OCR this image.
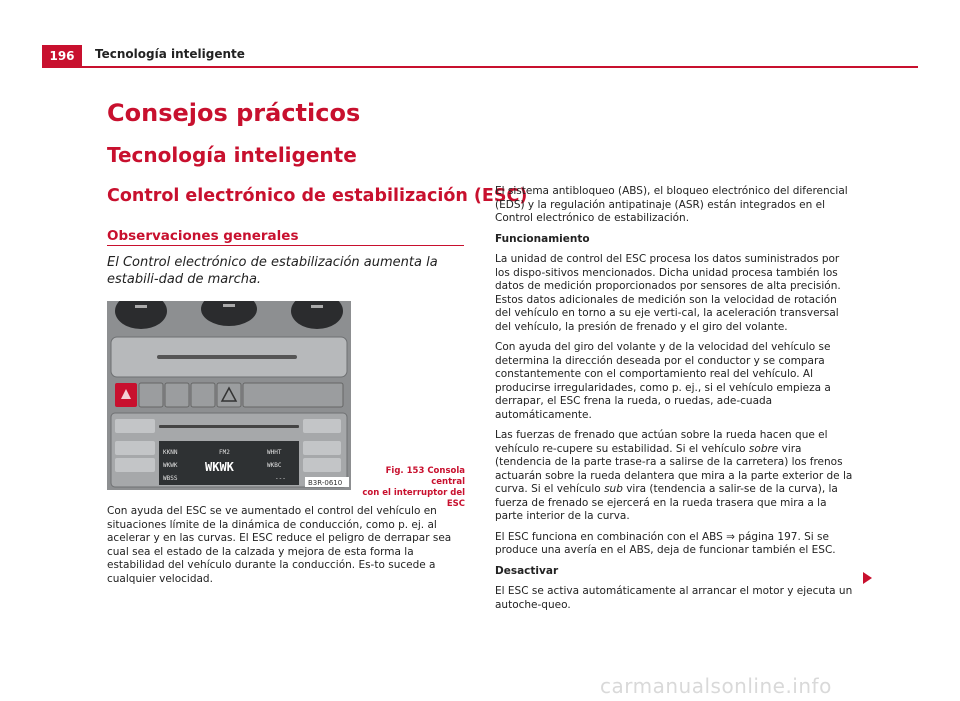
196	Tecnología inteligente
Consejos prácticos
Tecnología inteligente
Control electrónico de estabilización (ESC)
Observaciones generales
El Control electrónico de estabilización aumenta la estabili-dad de marcha.
KKNN
WKWK
WBSS
FM2
WKWK
WHHT
WKBC
---
B3R-0610
Fig. 153 Consola central
con el interruptor del ESC

Con ayuda del ESC se ve aumentado el control del vehículo en situaciones límite de la dinámica de conducción, como p. ej. al acelerar y en las curvas. El ESC reduce el peligro de derrapar sea cual sea el estado de la calzada y mejora de esta forma la estabilidad del vehículo durante la conducción. Es-to sucede a cualquier velocidad.

El sistema antibloqueo (ABS), el bloqueo electrónico del diferencial (EDS) y la regulación antipatinaje (ASR) están integrados en el Control electrónico de estabilización.

Funcionamiento

La unidad de control del ESC procesa los datos suministrados por los dispo-sitivos mencionados. Dicha unidad procesa también los datos de medición proporcionados por sensores de alta precisión. Estos datos adicionales de medición son la velocidad de rotación del vehículo en torno a su eje verti-cal, la aceleración transversal del vehículo, la presión de frenado y el giro del volante.

Con ayuda del giro del volante y de la velocidad del vehículo se determina la dirección deseada por el conductor y se compara constantemente con el comportamiento real del vehículo. Al producirse irregularidades, como p. ej., si el vehículo empieza a derrapar, el ESC frena la rueda, o ruedas, ade-cuada automáticamente.

Las fuerzas de frenado que actúan sobre la rueda hacen que el vehículo re-cupere su estabilidad. Si el vehículo sobre vira (tendencia de la parte trase-ra a salirse de la carretera) los frenos actuarán sobre la rueda delantera que mira a la parte exterior de la curva. Si el vehículo sub vira (tendencia a salir-se de la curva), la fuerza de frenado se ejercerá en la rueda trasera que mira a la parte interior de la curva.

El ESC funciona en combinación con el ABS ⇒ página 197. Si se produce una avería en el ABS, deja de funcionar también el ESC.

Desactivar

El ESC se activa automáticamente al arrancar el motor y ejecuta un autoche-queo.

carmanualsonline.info
